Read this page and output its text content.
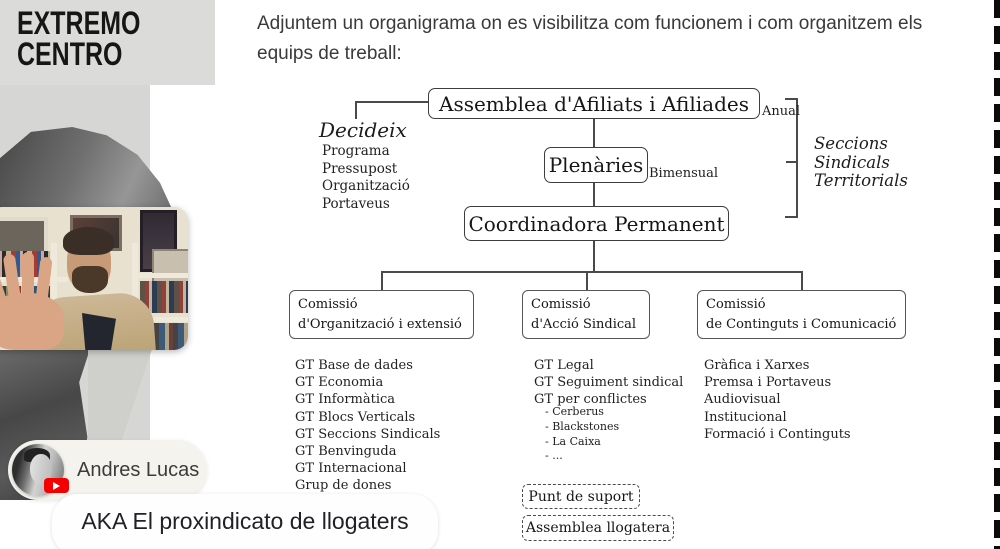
EXTREMO
CENTRO
Adjuntem un organigrama on es visibilitza com funcionem i com organitzem els equips de treball:
Assemblea d'Afiliats i Afiliades	Anual
Plenàries Bimensual
Coordinadora Permanent
Decideix
Programa
Pressupost
Organització
Portaveus
Seccions
Sindicals
Territorials
Comissió
d'Organització i extensió
Comissió
d'Acció Sindical
Comissió
de Continguts i Comunicació
GT Base de dades
GT Economia
GT Informàtica
GT Blocs Verticals
GT Seccions Sindicals
GT Benvinguda
GT Internacional
Grup de dones
GT Legal
GT Seguiment sindical
GT per conflictes
- Cerberus
- Blackstones
- La Caixa
- ...
Gràfica i Xarxes
Premsa i Portaveus
Audiovisual
Institucional
Formació i Continguts
Punt de suport
Assemblea llogatera
Andres Lucas
AKA El proxindicato de llogaters
